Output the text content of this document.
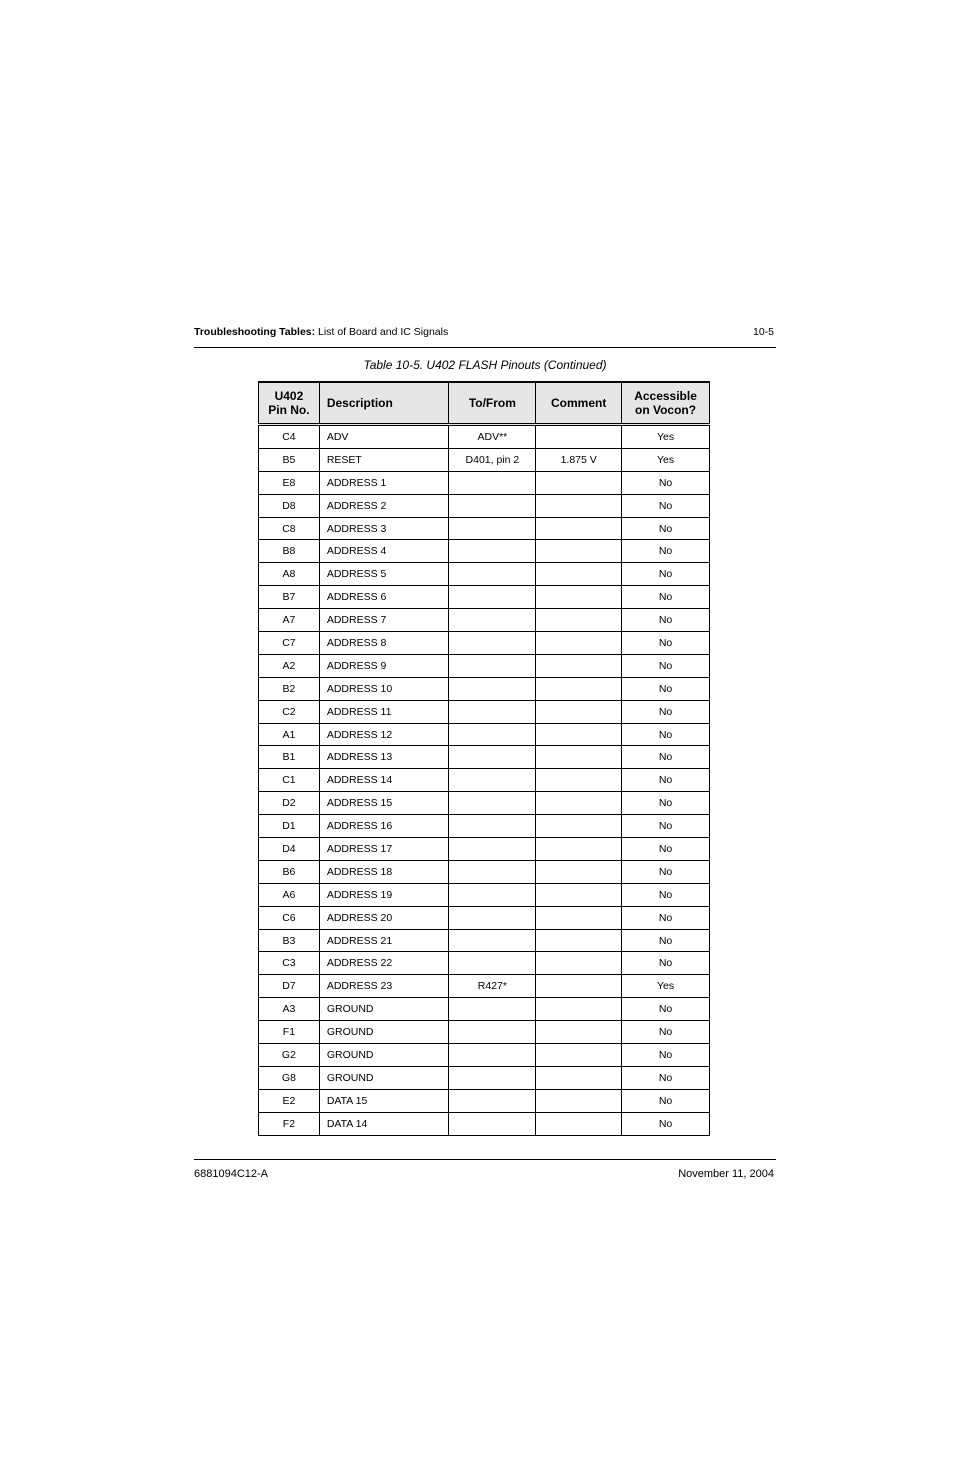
Troubleshooting Tables: List of Board and IC Signals	10-5
Table 10-5. U402 FLASH Pinouts (Continued)
U402
Pin No.	Description	To/From	Comment	Accessible
on Vocon?
C4	ADV	ADV**		Yes
B5	RESET	D401, pin 2	1.875 V	Yes
E8	ADDRESS 1			No
D8	ADDRESS 2			No
C8	ADDRESS 3			No
B8	ADDRESS 4			No
A8	ADDRESS 5			No
B7	ADDRESS 6			No
A7	ADDRESS 7			No
C7	ADDRESS 8			No
A2	ADDRESS 9			No
B2	ADDRESS 10			No
C2	ADDRESS 11			No
A1	ADDRESS 12			No
B1	ADDRESS 13			No
C1	ADDRESS 14			No
D2	ADDRESS 15			No
D1	ADDRESS 16			No
D4	ADDRESS 17			No
B6	ADDRESS 18			No
A6	ADDRESS 19			No
C6	ADDRESS 20			No
B3	ADDRESS 21			No
C3	ADDRESS 22			No
D7	ADDRESS 23	R427*		Yes
A3	GROUND			No
F1	GROUND			No
G2	GROUND			No
G8	GROUND			No
E2	DATA 15			No
F2	DATA 14			No
6881094C12-A	November 11, 2004
